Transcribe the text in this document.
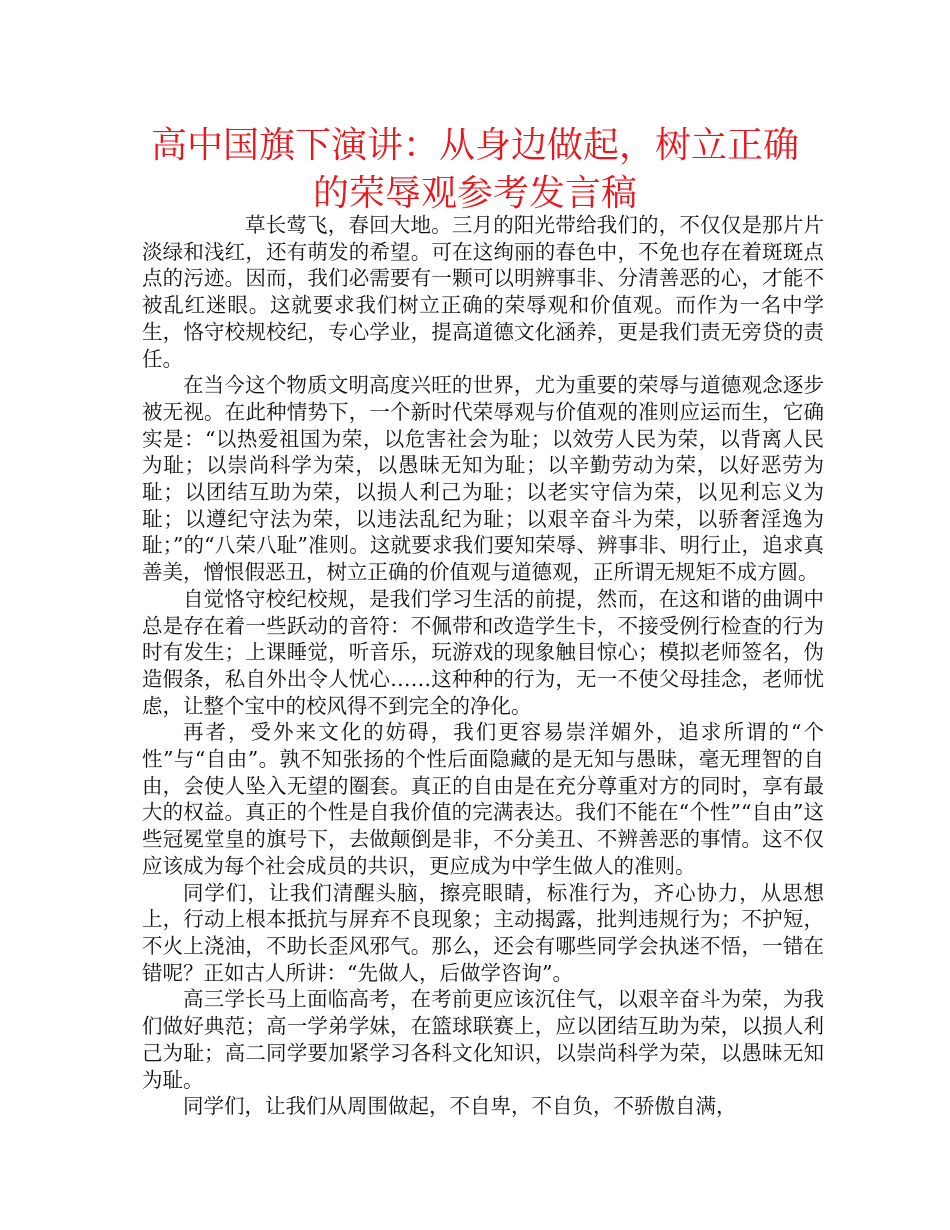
高中国旗下演讲：从身边做起，树立正确的荣辱观参考发言稿

草长莺飞，春回大地。三月的阳光带给我们的，不仅仅是那片片淡绿和浅红，还有萌发的希望。可在这绚丽的春色中，不免也存在着斑斑点点的污迹。因而，我们必需要有一颗可以明辨事非、分清善恶的心，才能不被乱红迷眼。这就要求我们树立正确的荣辱观和价值观。而作为一名中学生，恪守校规校纪，专心学业，提高道德文化涵养，更是我们责无旁贷的责任。

在当今这个物质文明高度兴旺的世界，尤为重要的荣辱与道德观念逐步被无视。在此种情势下，一个新时代荣辱观与价值观的准则应运而生，它确实是：“以热爱祖国为荣，以危害社会为耻；以效劳人民为荣，以背离人民为耻；以崇尚科学为荣，以愚昧无知为耻；以辛勤劳动为荣，以好恶劳为耻；以团结互助为荣，以损人利己为耻；以老实守信为荣，以见利忘义为耻；以遵纪守法为荣，以违法乱纪为耻；以艰辛奋斗为荣，以骄奢淫逸为耻；”的“八荣八耻”准则。这就要求我们要知荣辱、辨事非、明行止，追求真善美，憎恨假恶丑，树立正确的价值观与道德观，正所谓无规矩不成方圆。

自觉恪守校纪校规，是我们学习生活的前提，然而，在这和谐的曲调中总是存在着一些跃动的音符：不佩带和改造学生卡，不接受例行检查的行为时有发生；上课睡觉，听音乐，玩游戏的现象触目惊心；模拟老师签名，伪造假条，私自外出令人忧心……这种种的行为，无一不使父母挂念，老师忧虑，让整个宝中的校风得不到完全的净化。

再者，受外来文化的妨碍，我们更容易崇洋媚外，追求所谓的“个性”与“自由”。孰不知张扬的个性后面隐藏的是无知与愚昧，毫无理智的自由，会使人坠入无望的圈套。真正的自由是在充分尊重对方的同时，享有最大的权益。真正的个性是自我价值的完满表达。我们不能在“个性”“自由”这些冠冕堂皇的旗号下，去做颠倒是非，不分美丑、不辨善恶的事情。这不仅应该成为每个社会成员的共识，更应成为中学生做人的准则。

同学们，让我们清醒头脑，擦亮眼睛，标准行为，齐心协力，从思想上，行动上根本抵抗与屏弃不良现象；主动揭露，批判违规行为；不护短，不火上浇油，不助长歪风邪气。那么，还会有哪些同学会执迷不悟，一错在错呢？正如古人所讲：“先做人，后做学咨询”。

高三学长马上面临高考，在考前更应该沉住气，以艰辛奋斗为荣，为我们做好典范；高一学弟学妹，在篮球联赛上，应以团结互助为荣，以损人利己为耻；高二同学要加紧学习各科文化知识，以崇尚科学为荣，以愚昧无知为耻。

同学们，让我们从周围做起，不自卑，不自负，不骄傲自满，
